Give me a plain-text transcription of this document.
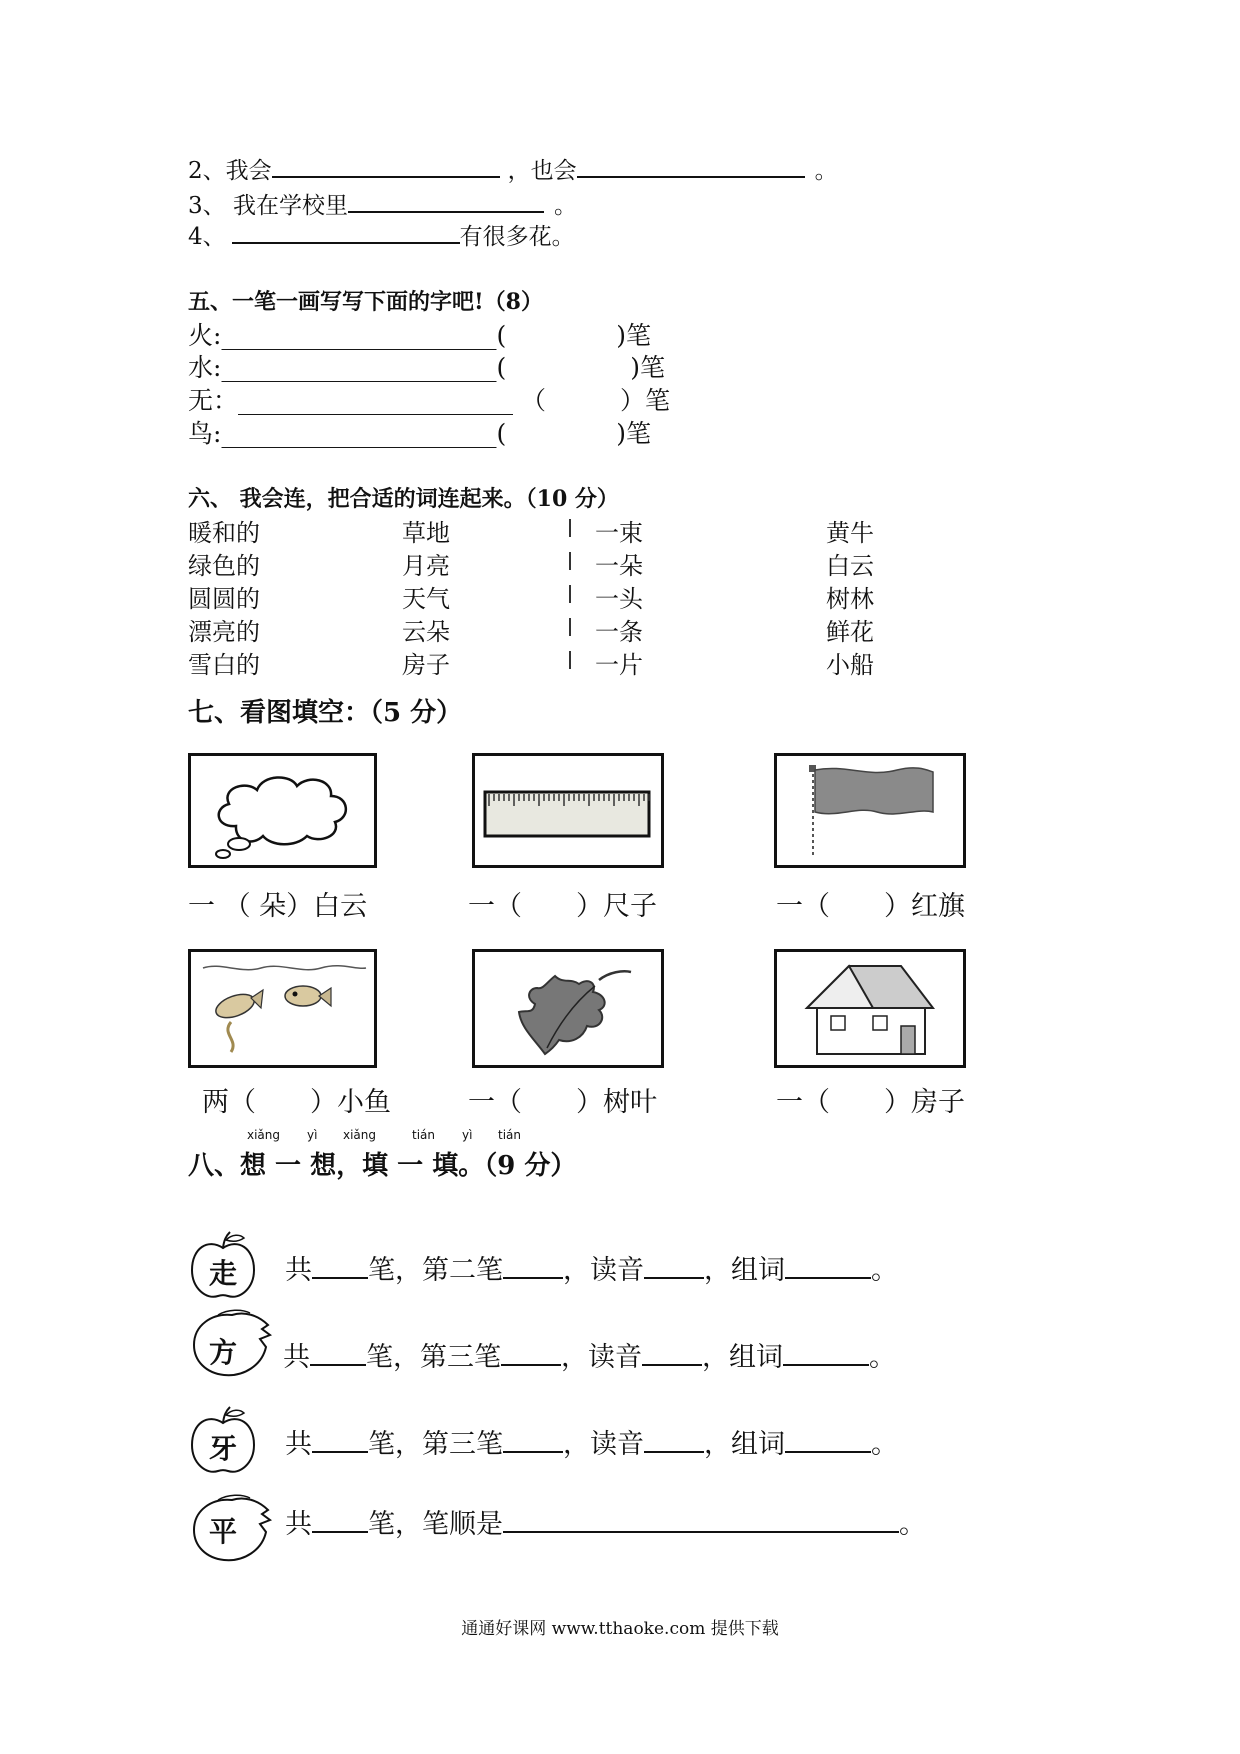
2、我会	，也会	。
3、 我在学校里	。
4、	有很多花。
五、一笔一画写写下面的字吧!（8）
火:______________________(	)笔
水:______________________(	)笔
无：______________________ （	）笔
鸟:______________________(	)笔
六、 我会连，把合适的词连起来。（10 分）
暖和的	草地	一束	黄牛
绿色的	月亮	一朵	白云
圆圆的	天气	一头	树林
漂亮的	云朵	一条	鲜花
雪白的	房子	一片	小船
七、看图填空：（5 分）
一 （ 朵）白云	一（　　）尺子	一（　　）红旗
两（　　）小鱼	一（　　）树叶	一（　　）房子
xiǎng yì xiǎng	tián yì tián
八、想 一 想，填 一 填。（9 分）
走	共 笔，第二笔 ，读音 ，组词	。
方	共 笔，第三笔 ，读音 ，组词	。
牙	共 笔，第三笔 ，读音 ，组词	。
平	共 笔，笔顺是	。
通通好课网 www.tthaoke.com 提供下载
